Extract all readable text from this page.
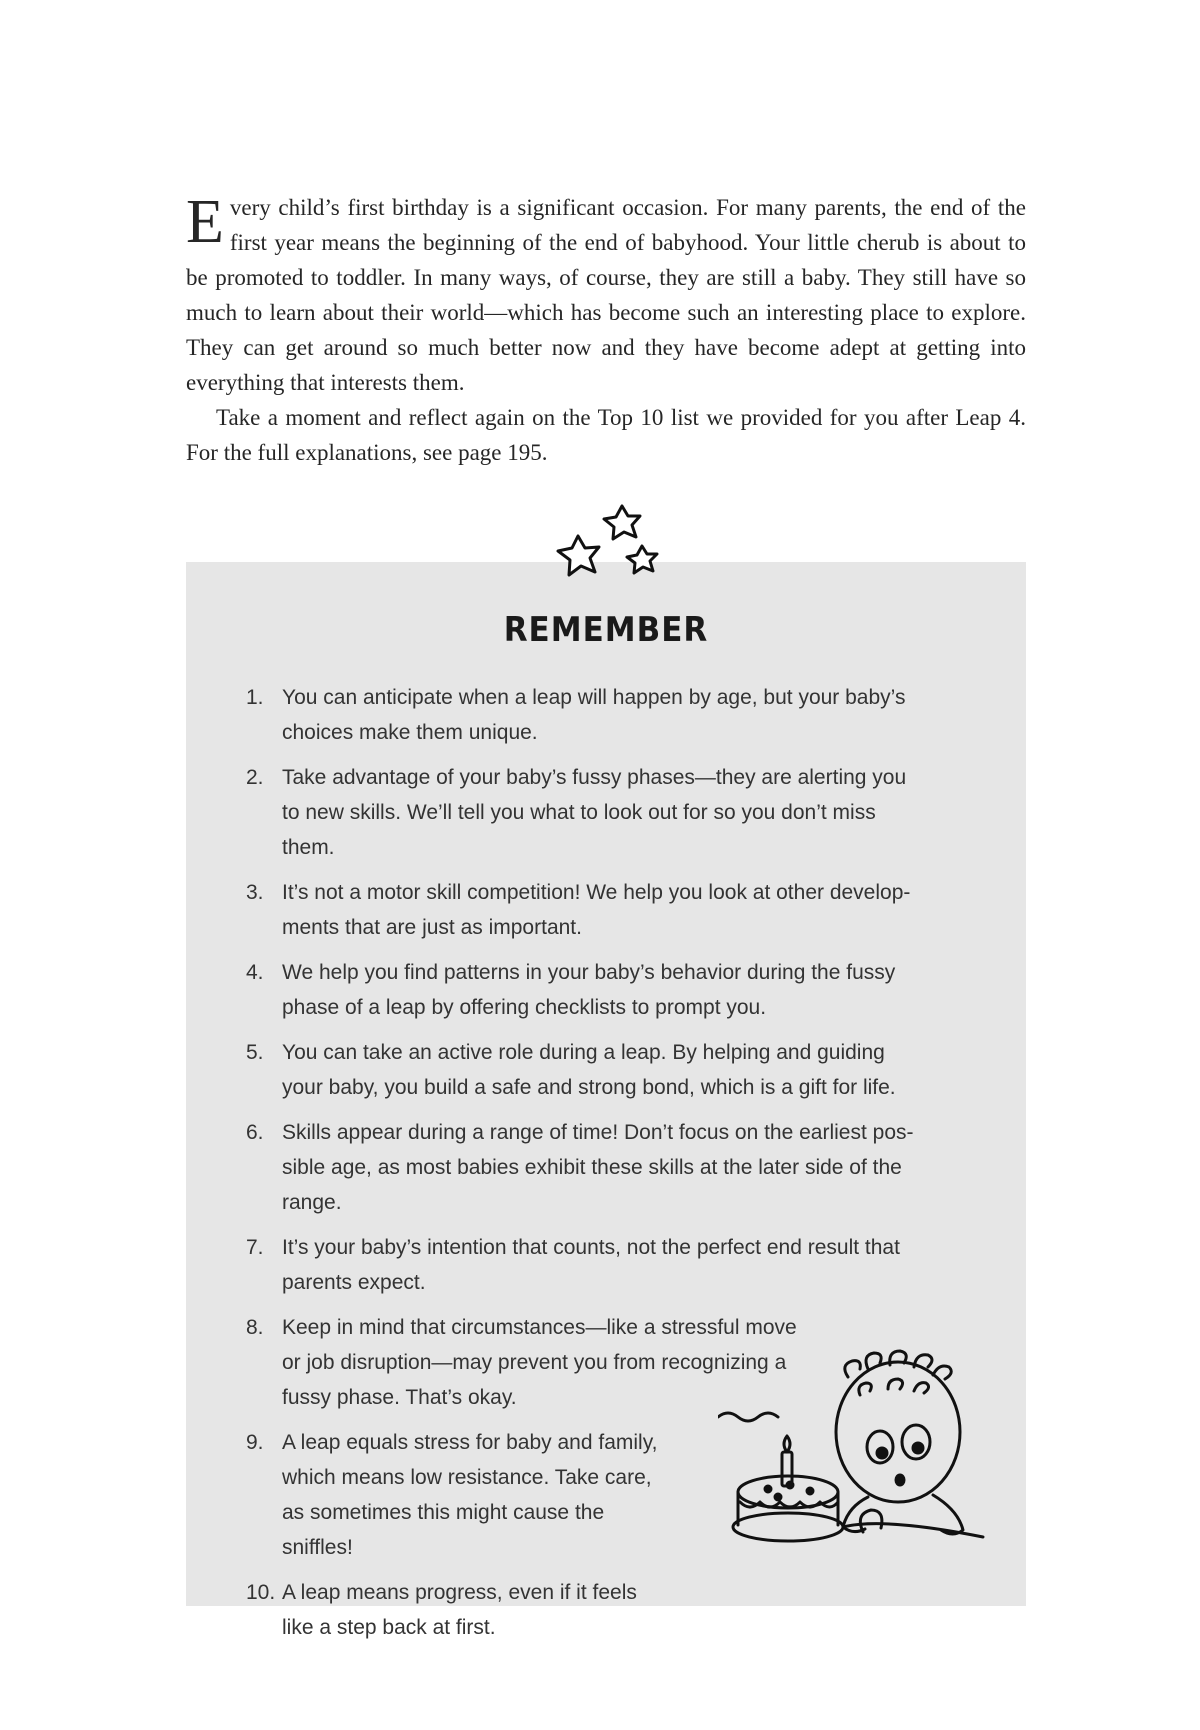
Every child’s first birthday is a significant occasion. For many parents, the end of the first year means the beginning of the end of babyhood. Your little cherub is about to be promoted to toddler. In many ways, of course, they are still a baby. They still have so much to learn about their world—which has become such an interesting place to explore. They can get around so much better now and they have become adept at getting into everything that interests them.

Take a moment and reflect again on the Top 10 list we provided for you after Leap 4. For the full explanations, see page 195.

REMEMBER
1. You can anticipate when a leap will happen by age, but your baby’s choices make them unique.
2. Take advantage of your baby’s fussy phases—they are alerting you to new skills. We’ll tell you what to look out for so you don’t miss them.
3. It’s not a motor skill competition! We help you look at other develop-ments that are just as important.
4. We help you find patterns in your baby’s behavior during the fussy phase of a leap by offering checklists to prompt you.
5. You can take an active role during a leap. By helping and guiding your baby, you build a safe and strong bond, which is a gift for life.
6. Skills appear during a range of time! Don’t focus on the earliest pos-sible age, as most babies exhibit these skills at the later side of the range.
7. It’s your baby’s intention that counts, not the perfect end result that parents expect.
8. Keep in mind that circumstances—like a stressful move or job disruption—may prevent you from recognizing a fussy phase. That’s okay.
9. A leap equals stress for baby and family, which means low resistance. Take care, as sometimes this might cause the sniffles!
10. A leap means progress, even if it feels like a step back at first.
